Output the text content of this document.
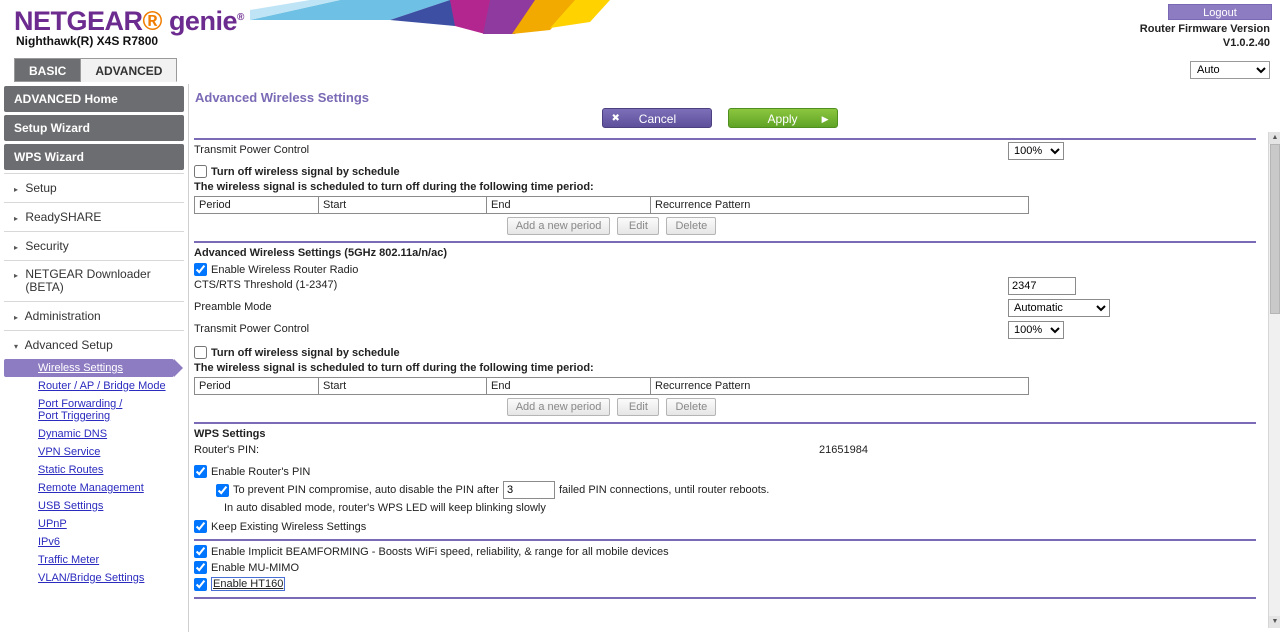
NETGEAR® genie®
Nighthawk(R) X4S R7800
Logout
Router Firmware Version
V1.0.2.40
BASIC	ADVANCED
Auto
ADVANCED Home
Setup Wizard
WPS Wizard
▸ Setup
▸ ReadySHARE
▸ Security
▸ NETGEAR Downloader (BETA)
▸ Administration
▾ Advanced Setup
Wireless Settings
Router / AP / Bridge Mode
Port Forwarding / Port Triggering
Dynamic DNS
VPN Service
Static Routes
Remote Management
USB Settings
UPnP
IPv6
Traffic Meter
VLAN/Bridge Settings
Advanced Wireless Settings
✖ Cancel	Apply	▶
Transmit Power Control
100%
Turn off wireless signal by schedule
The wireless signal is scheduled to turn off during the following time period:
Period	Start	End	Recurrence Pattern
Add a new period	Edit	Delete
Advanced Wireless Settings (5GHz 802.11a/n/ac)
Enable Wireless Router Radio
CTS/RTS Threshold (1-2347)
2347
Preamble Mode
Automatic
Transmit Power Control
100%
Turn off wireless signal by schedule
The wireless signal is scheduled to turn off during the following time period:
Period	Start	End	Recurrence Pattern
Add a new period	Edit	Delete
WPS Settings
Router's PIN:	21651984
Enable Router's PIN
To prevent PIN compromise, auto disable the PIN after
3	failed PIN connections, until router reboots.
In auto disabled mode, router's WPS LED will keep blinking slowly
Keep Existing Wireless Settings
Enable Implicit BEAMFORMING - Boosts WiFi speed, reliability, & range for all mobile devices
Enable MU-MIMO
Enable HT160
▲
▼
